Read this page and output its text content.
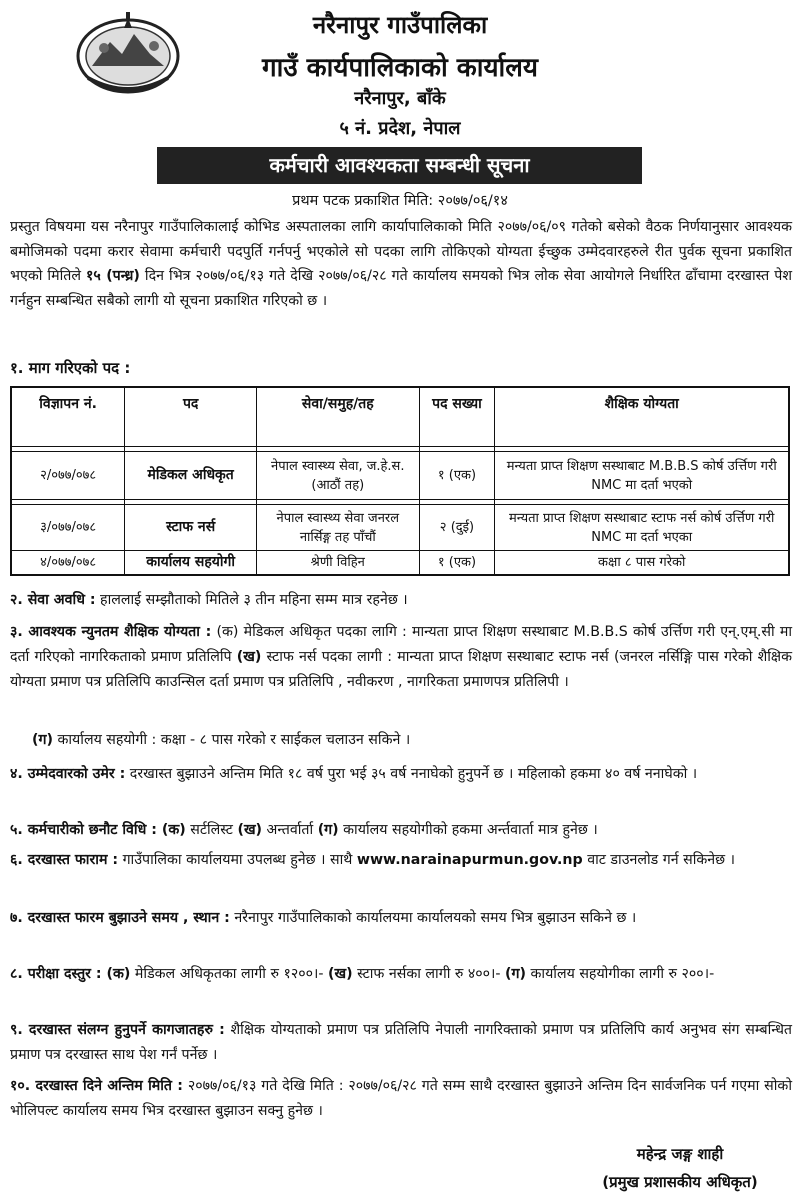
नरैनापुर गाउँपालिका
गाउँ कार्यपालिकाको कार्यालय
नरैनापुर, बाँके
५ नं. प्रदेश, नेपाल
कर्मचारी आवश्यकता सम्बन्धी सूचना
प्रथम पटक प्रकाशित मिति: २०७७/०६/१४
प्रस्तुत विषयमा यस नरैनापुर गाउँपालिकालाई कोभिड अस्पतालका लागि कार्यापालिकाको मिति २०७७/०६/०९ गतेको बसेको वैठक निर्णयानुसार आवश्यक बमोजिमको पदमा करार सेवामा कर्मचारी पदपुर्ति गर्नपर्नु भएकोले सो पदका लागि तोकिएको योग्यता ईच्छुक उम्मेदवारहरुले रीत पुर्वक सूचना प्रकाशित भएको मितिले १५ (पन्ध्र) दिन भित्र २०७७/०६/१३ गते देखि २०७७/०६/२८ गते कार्यालय समयको भित्र लोक सेवा आयोगले निर्धारित ढाँचामा दरखास्त पेश गर्नहुन सम्बन्धित सबैको लागी यो सूचना प्रकाशित गरिएको छ ।
१. माग गरिएको पद :
विज्ञापन नं.	पद	सेवा/समुह/तह	पद सख्या	शैक्षिक योग्यता

२/०७७/०७८	मेडिकल अधिकृत	नेपाल स्वास्थ्य सेवा, ज.हे.स.(आठौं तह)	१ (एक)	मन्यता प्राप्त शिक्षण सस्थाबाट M.B.B.S कोर्ष उर्त्तिण गरी NMC मा दर्ता भएको

३/०७७/०७८	स्टाफ नर्स	नेपाल स्वास्थ्य सेवा जनरल नार्सिङ्ग तह पाँचौं	२ (दुई)	मन्यता प्राप्त शिक्षण सस्थाबाट स्टाफ नर्स कोर्ष उर्त्तिण गरी NMC मा दर्ता भएका
४/०७७/०७८	कार्यालय सहयोगी	श्रेणी विहिन	१ (एक)	कक्षा ८ पास गरेको
२. सेवा अवधि : हाललाई सम्झौताको मितिले ३ तीन महिना सम्म मात्र रहनेछ ।
३. आवश्यक न्युनतम शैक्षिक योग्यता : (क) मेडिकल अधिकृत पदका लागि : मान्यता प्राप्त शिक्षण सस्थाबाट M.B.B.S कोर्ष उर्त्तिण गरी एन्.एम्.सी मा दर्ता गरिएको नागरिकताको प्रमाण प्रतिलिपि (ख) स्टाफ नर्स पदका लागी : मान्यता प्राप्त शिक्षण सस्थाबाट स्टाफ नर्स (जनरल नर्सिङ्गि पास गरेको शैक्षिक योग्यता प्रमाण पत्र प्रतिलिपि काउन्सिल दर्ता प्रमाण पत्र प्रतिलिपि , नवीकरण , नागरिकता प्रमाणपत्र प्रतिलिपी ।
(ग) कार्यालय सहयोगी : कक्षा - ८ पास गरेको र साईकल चलाउन सकिने ।
४. उम्मेदवारको उमेर : दरखास्त बुझाउने अन्तिम मिति १८ वर्ष पुरा भई ३५ वर्ष ननाघेको हुनुपर्ने छ । महिलाको हकमा ४० वर्ष ननाघेको ।
५. कर्मचारीको छनौट विधि : (क) सर्टलिस्ट (ख) अन्तर्वार्ता (ग) कार्यालय सहयोगीको हकमा अर्न्तवार्ता मात्र हुनेछ ।
६. दरखास्त फाराम : गाउँपालिका कार्यालयमा उपलब्ध हुनेछ । साथै www.narainapurmun.gov.np वाट डाउनलोड गर्न सकिनेछ ।
७. दरखास्त फारम बुझाउने समय , स्थान : नरैनापुर गाउँपालिकाको कार्यालयमा कार्यालयको समय भित्र बुझाउन सकिने छ ।
८. परीक्षा दस्तुर : (क) मेडिकल अधिकृतका लागी रु १२००।- (ख) स्टाफ नर्सका लागी रु ४००।- (ग) कार्यालय सहयोगीका लागी रु २००।-
९. दरखास्त संलग्न हुनुपर्ने कागजातहरु : शैक्षिक योग्यताको प्रमाण पत्र प्रतिलिपि नेपाली नागरिक्ताको प्रमाण पत्र प्रतिलिपि कार्य अनुभव संग सम्बन्धित प्रमाण पत्र दरखास्त साथ पेश गर्नं पर्नेछ ।
१०. दरखास्त दिने अन्तिम मिति : २०७७/०६/१३ गते देखि मिति : २०७७/०६/२८ गते सम्म साथै दरखास्त बुझाउने अन्तिम दिन सार्वजनिक पर्न गएमा सोको भोलिपल्ट कार्यालय समय भित्र दरखास्त बुझाउन सक्नु हुनेछ ।
महेन्द्र जङ्ग शाही
(प्रमुख प्रशासकीय अधिकृत)
